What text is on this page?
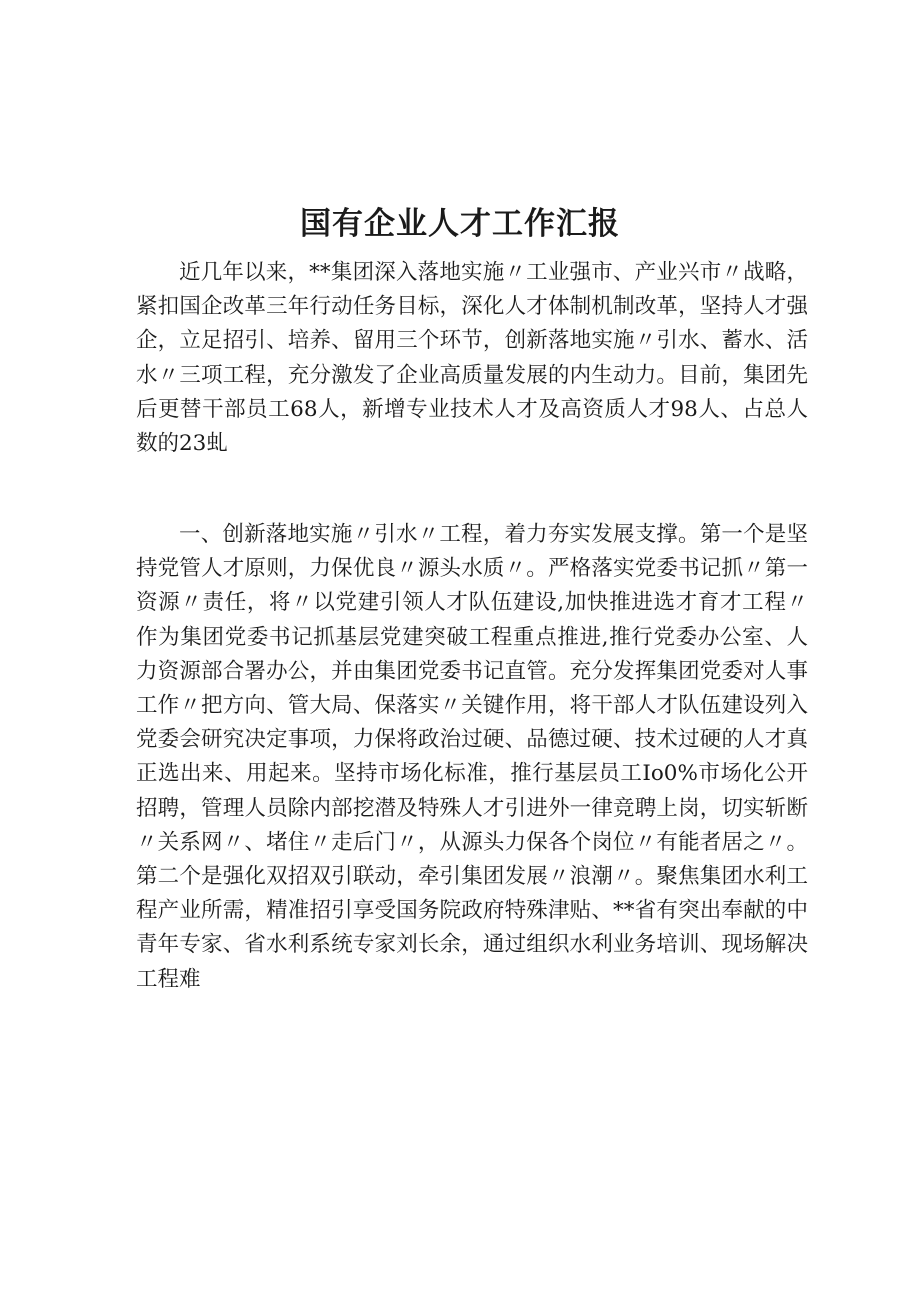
国有企业人才工作汇报

近几年以来，**集团深入落地实施〃工业强市、产业兴市〃战略，紧扣国企改革三年行动任务目标，深化人才体制机制改革，坚持人才强企，立足招引、培养、留用三个环节，创新落地实施〃引水、蓄水、活水〃三项工程，充分激发了企业高质量发展的内生动力。目前，集团先后更替干部员工68人，新增专业技术人才及高资质人才98人、占总人数的23虬

一、创新落地实施〃引水〃工程，着力夯实发展支撑。第一个是坚持党管人才原则，力保优良〃源头水质〃。严格落实党委书记抓〃第一资源〃责任，将〃以党建引领人才队伍建设,加快推进选才育才工程〃作为集团党委书记抓基层党建突破工程重点推进,推行党委办公室、人力资源部合署办公，并由集团党委书记直管。充分发挥集团党委对人事工作〃把方向、管大局、保落实〃关键作用，将干部人才队伍建设列入党委会研究决定事项，力保将政治过硬、品德过硬、技术过硬的人才真正选出来、用起来。坚持市场化标准，推行基层员工Io0%市场化公开招聘，管理人员除内部挖潜及特殊人才引进外一律竞聘上岗，切实斩断〃关系网〃、堵住〃走后门〃，从源头力保各个岗位〃有能者居之〃。第二个是强化双招双引联动，牵引集团发展〃浪潮〃。聚焦集团水利工程产业所需，精准招引享受国务院政府特殊津贴、**省有突出奉献的中青年专家、省水利系统专家刘长余，通过组织水利业务培训、现场解决工程难
